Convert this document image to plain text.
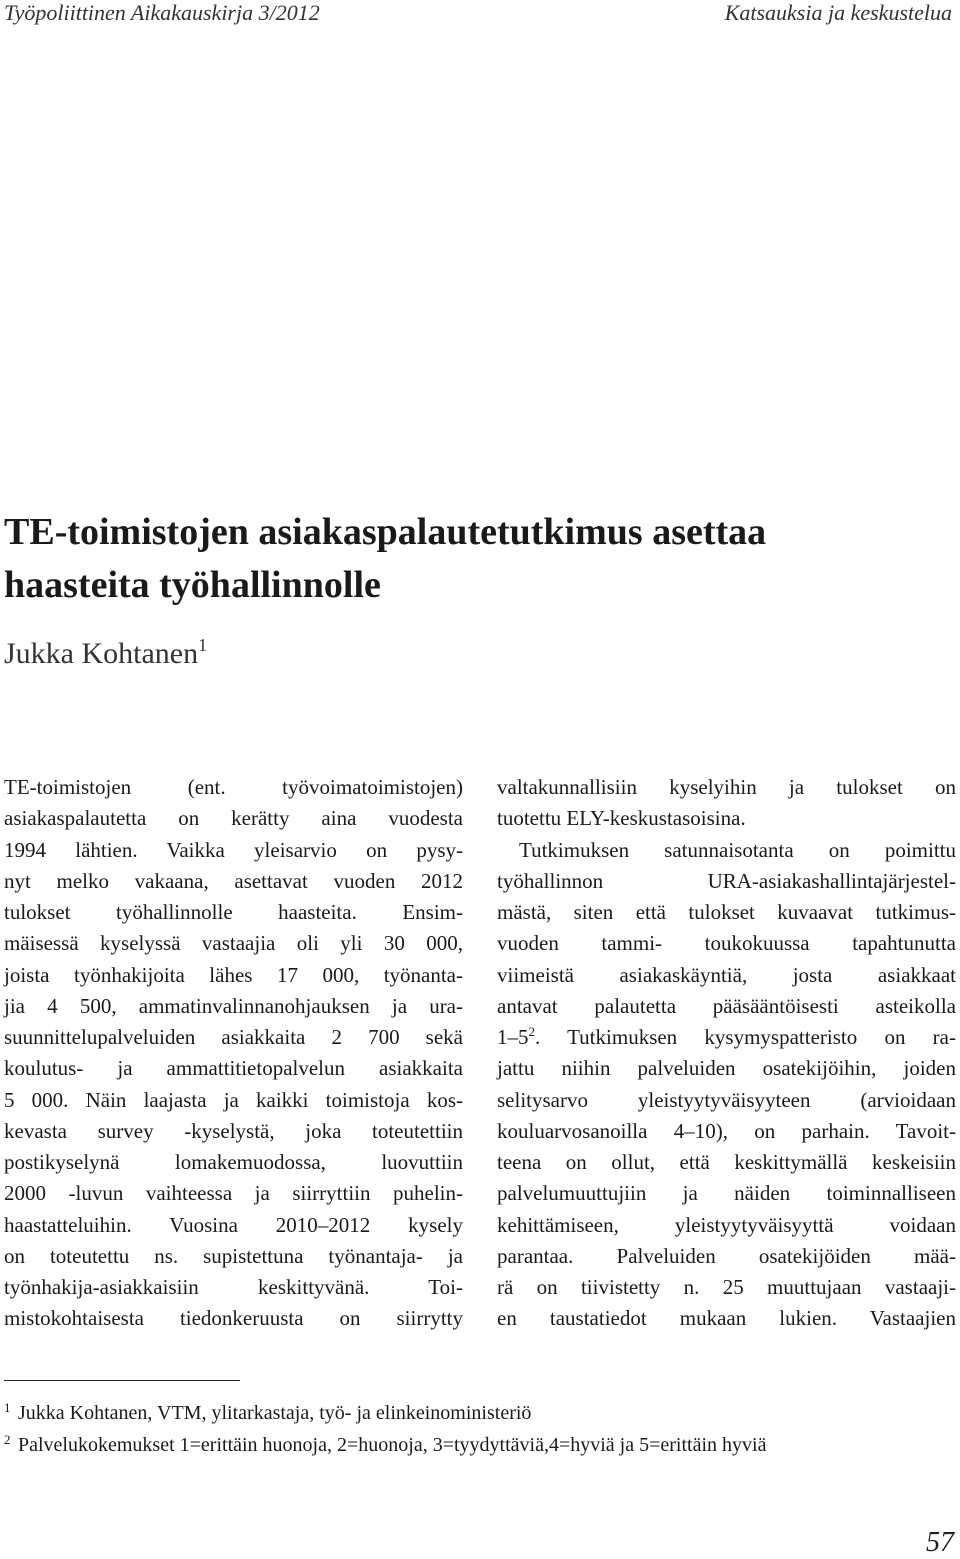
Työpoliittinen Aikakauskirja 3/2012	Katsauksia ja keskustelua
TE-toimistojen asiakaspalautetutkimus asettaa
haasteita työhallinnolle
Jukka Kohtanen$^1$
TE-toimistojen (ent. työvoimatoimistojen)
asiakaspalautetta on kerätty aina vuodesta
1994 lähtien. Vaikka yleisarvio on pysy-
nyt melko vakaana, asettavat vuoden 2012
tulokset työhallinnolle haasteita. Ensim-
mäisessä kyselyssä vastaajia oli yli 30 000,
joista työnhakijoita lähes 17 000, työnanta-
jia 4 500, ammatinvalinnanohjauksen ja ura-
suunnittelupalveluiden asiakkaita 2 700 sekä
koulutus- ja ammattitietopalvelun asiakkaita
5 000. Näin laajasta ja kaikki toimistoja kos-
kevasta survey -kyselystä, joka toteutettiin
postikyselynä lomakemuodossa, luovuttiin
2000 -luvun vaihteessa ja siirryttiin puhelin-
haastatteluihin. Vuosina 2010–2012 kysely
on toteutettu ns. supistettuna työnantaja- ja
työnhakija-asiakkaisiin keskittyvänä. Toi-
mistokohtaisesta tiedonkeruusta on siirrytty
valtakunnallisiin kyselyihin ja tulokset on
tuotettu ELY-keskustasoisina.
Tutkimuksen satunnaisotanta on poimittu
työhallinnon URA-asiakashallintajärjestel-
mästä, siten että tulokset kuvaavat tutkimus-
vuoden tammi- toukokuussa tapahtunutta
viimeistä asiakaskäyntiä, josta asiakkaat
antavat palautetta pääsääntöisesti asteikolla
$1-5^2$. Tutkimuksen kysymyspatteristo on ra-
jattu niihin palveluiden osatekijöihin, joiden
selitysarvo yleistyytyväisyyteen (arvioidaan
kouluarvosanoilla 4–10), on parhain. Tavoit-
teena on ollut, että keskittymällä keskeisiin
palvelumuuttujiin ja näiden toiminnalliseen
kehittämiseen, yleistyytyväisyyttä voidaan
parantaa. Palveluiden osatekijöiden mää-
rä on tiivistetty n. 25 muuttujaan vastaaji-
en taustatiedot mukaan lukien. Vastaajien
1 Jukka Kohtanen, VTM, ylitarkastaja, työ- ja elinkeinoministeriö
2 Palvelukokemukset 1=erittäin huonoja, 2=huonoja, 3=tyydyttäviä,4=hyviä ja 5=erittäin hyviä
57
